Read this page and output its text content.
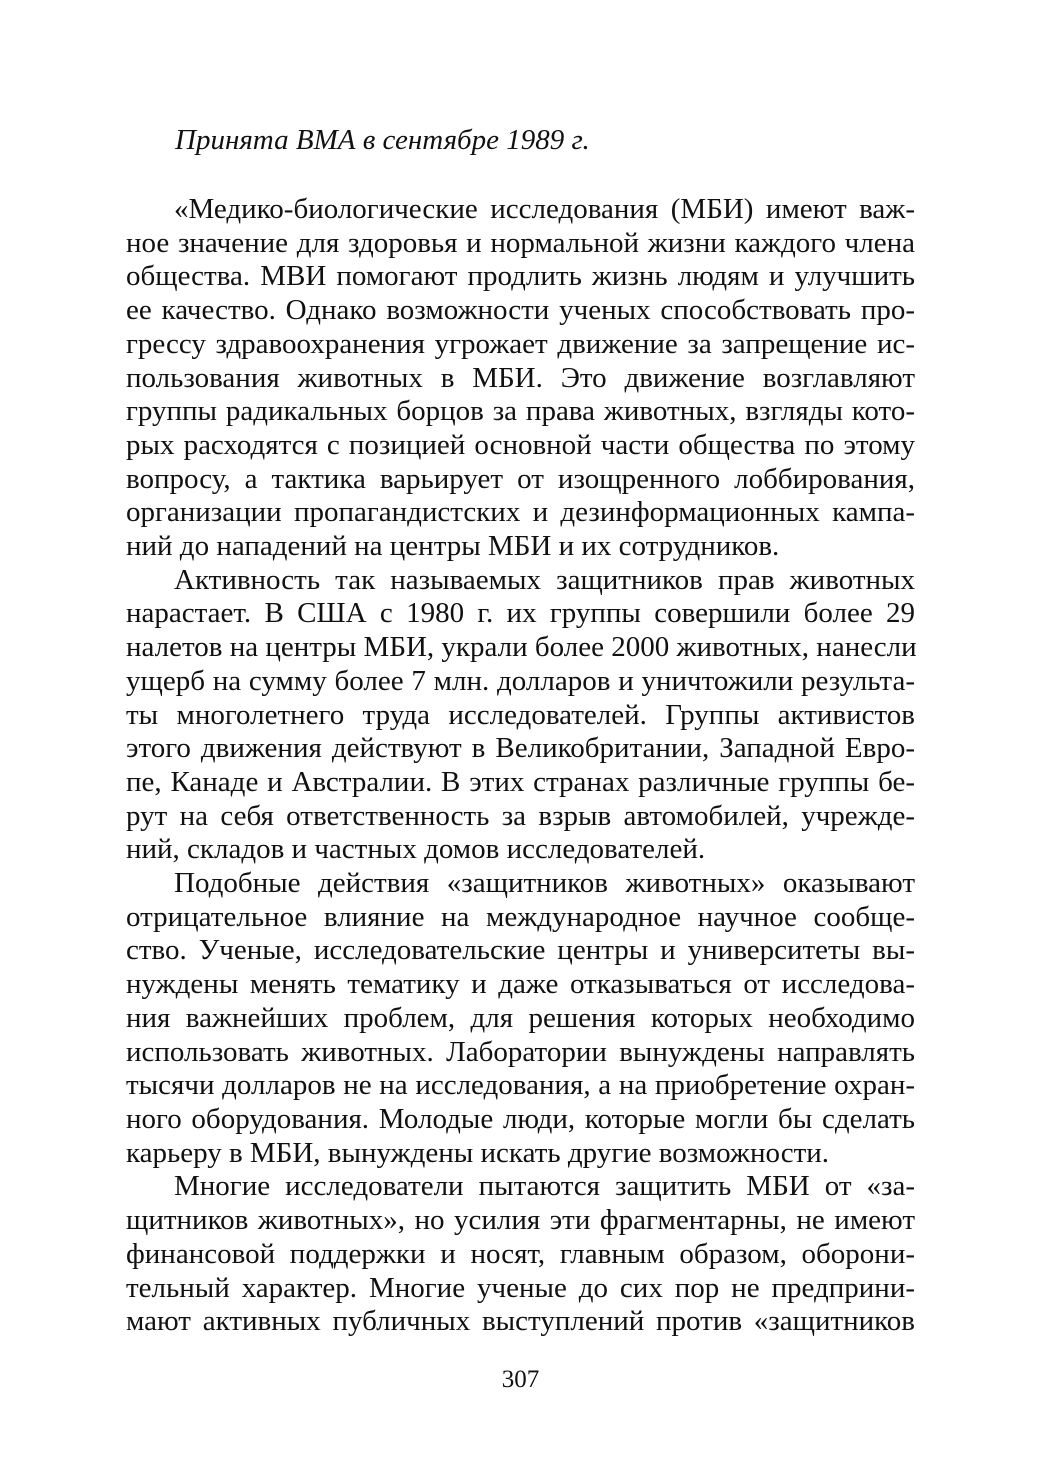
Принята ВМА в сентябре 1989 г.

«Медико-биологические исследования (МБИ) имеют важ-
ное значение для здоровья и нормальной жизни каждого члена
общества. МВИ помогают продлить жизнь людям и улучшить
ее качество. Однако возможности ученых способствовать про-
грессу здравоохранения угрожает движение за запрещение ис-
пользования животных в МБИ. Это движение возглавляют
группы радикальных борцов за права животных, взгляды кото-
рых расходятся с позицией основной части общества по этому
вопросу, а тактика варьирует от изощренного лоббирования,
организации пропагандистских и дезинформационных кампа-
ний до нападений на центры МБИ и их сотрудников.

Активность так называемых защитников прав животных
нарастает. В США с 1980 г. их группы совершили более 29
налетов на центры МБИ, украли более 2000 животных, нанесли
ущерб на сумму более 7 млн. долларов и уничтожили результа-
ты многолетнего труда исследователей. Группы активистов
этого движения действуют в Великобритании, Западной Евро-
пе, Канаде и Австралии. В этих странах различные группы бе-
рут на себя ответственность за взрыв автомобилей, учрежде-
ний, складов и частных домов исследователей.

Подобные действия «защитников животных» оказывают
отрицательное влияние на международное научное сообще-
ство. Ученые, исследовательские центры и университеты вы-
нуждены менять тематику и даже отказываться от исследова-
ния важнейших проблем, для решения которых необходимо
использовать животных. Лаборатории вынуждены направлять
тысячи долларов не на исследования, а на приобретение охран-
ного оборудования. Молодые люди, которые могли бы сделать
карьеру в МБИ, вынуждены искать другие возможности.

Многие исследователи пытаются защитить МБИ от «за-
щитников животных», но усилия эти фрагментарны, не имеют
финансовой поддержки и носят, главным образом, оборони-
тельный характер. Многие ученые до сих пор не предприни-
мают активных публичных выступлений против «защитников

307
